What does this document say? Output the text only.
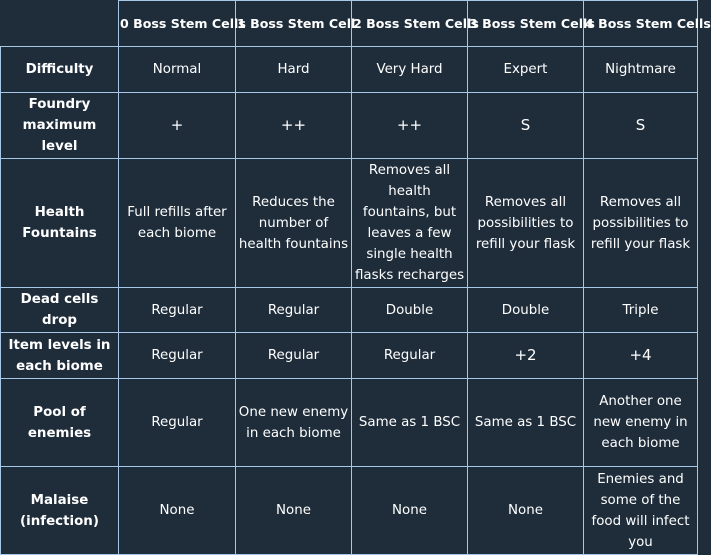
	0 Boss Stem Cells	1 Boss Stem Cell	2 Boss Stem Cells	3 Boss Stem Cells	4 Boss Stem Cells
Difficulty	Normal	Hard	Very Hard	Expert	Nightmare
Foundry maximum level	+	++	++	S	S
Health Fountains	Full refills after each biome	Reduces the number of health fountains	Removes all health fountains, but leaves a few single health flasks recharges	Removes all possibilities to refill your flask	Removes all possibilities to refill your flask
Dead cells drop	Regular	Regular	Double	Double	Triple
Item levels in each biome	Regular	Regular	Regular	+2	+4
Pool of enemies	Regular	One new enemy in each biome	Same as 1 BSC	Same as 1 BSC	Another one new enemy in each biome
Malaise (infection)	None	None	None	None	Enemies and some of the food will infect you
